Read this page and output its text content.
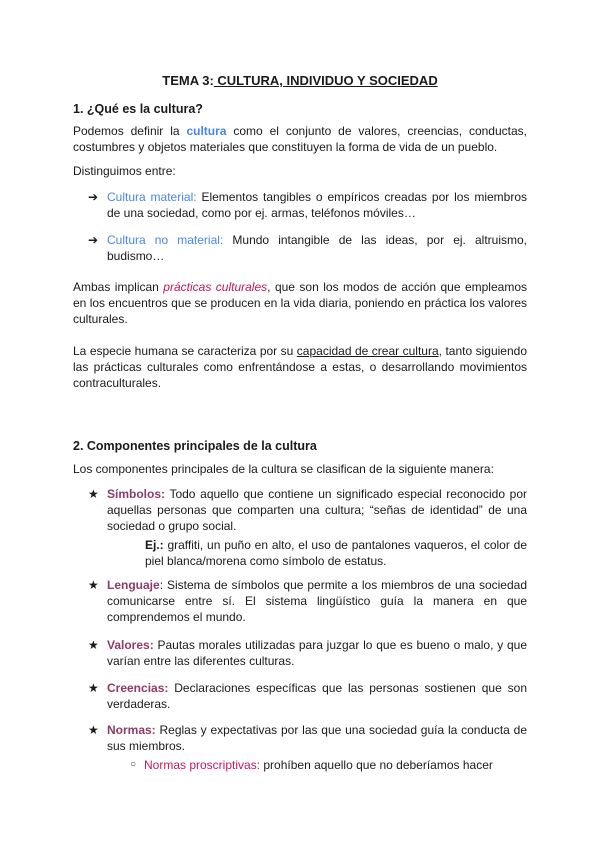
TEMA 3: CULTURA, INDIVIDUO Y SOCIEDAD

1. ¿Qué es la cultura?

Podemos definir la cultura como el conjunto de valores, creencias, conductas, costumbres y objetos materiales que constituyen la forma de vida de un pueblo.

Distinguimos entre:

➔ Cultura material: Elementos tangibles o empíricos creadas por los miembros de una sociedad, como por ej. armas, teléfonos móviles…

➔ Cultura no material: Mundo intangible de las ideas, por ej. altruismo, budismo…

Ambas implican prácticas culturales, que son los modos de acción que empleamos en los encuentros que se producen en la vida diaria, poniendo en práctica los valores culturales.

La especie humana se caracteriza por su capacidad de crear cultura, tanto siguiendo las prácticas culturales como enfrentándose a estas, o desarrollando movimientos contraculturales.

2. Componentes principales de la cultura

Los componentes principales de la cultura se clasifican de la siguiente manera:

★ Símbolos: Todo aquello que contiene un significado especial reconocido por aquellas personas que comparten una cultura; “señas de identidad” de una sociedad o grupo social.

Ej.: graffiti, un puño en alto, el uso de pantalones vaqueros, el color de piel blanca/morena como símbolo de estatus.

★ Lenguaje: Sistema de símbolos que permite a los miembros de una sociedad comunicarse entre sí. El sistema lingüístico guía la manera en que comprendemos el mundo.

★ Valores: Pautas morales utilizadas para juzgar lo que es bueno o malo, y que varían entre las diferentes culturas.

★ Creencias: Declaraciones específicas que las personas sostienen que son verdaderas.

★ Normas: Reglas y expectativas por las que una sociedad guía la conducta de sus miembros.

○ Normas proscriptivas: prohíben aquello que no deberíamos hacer
